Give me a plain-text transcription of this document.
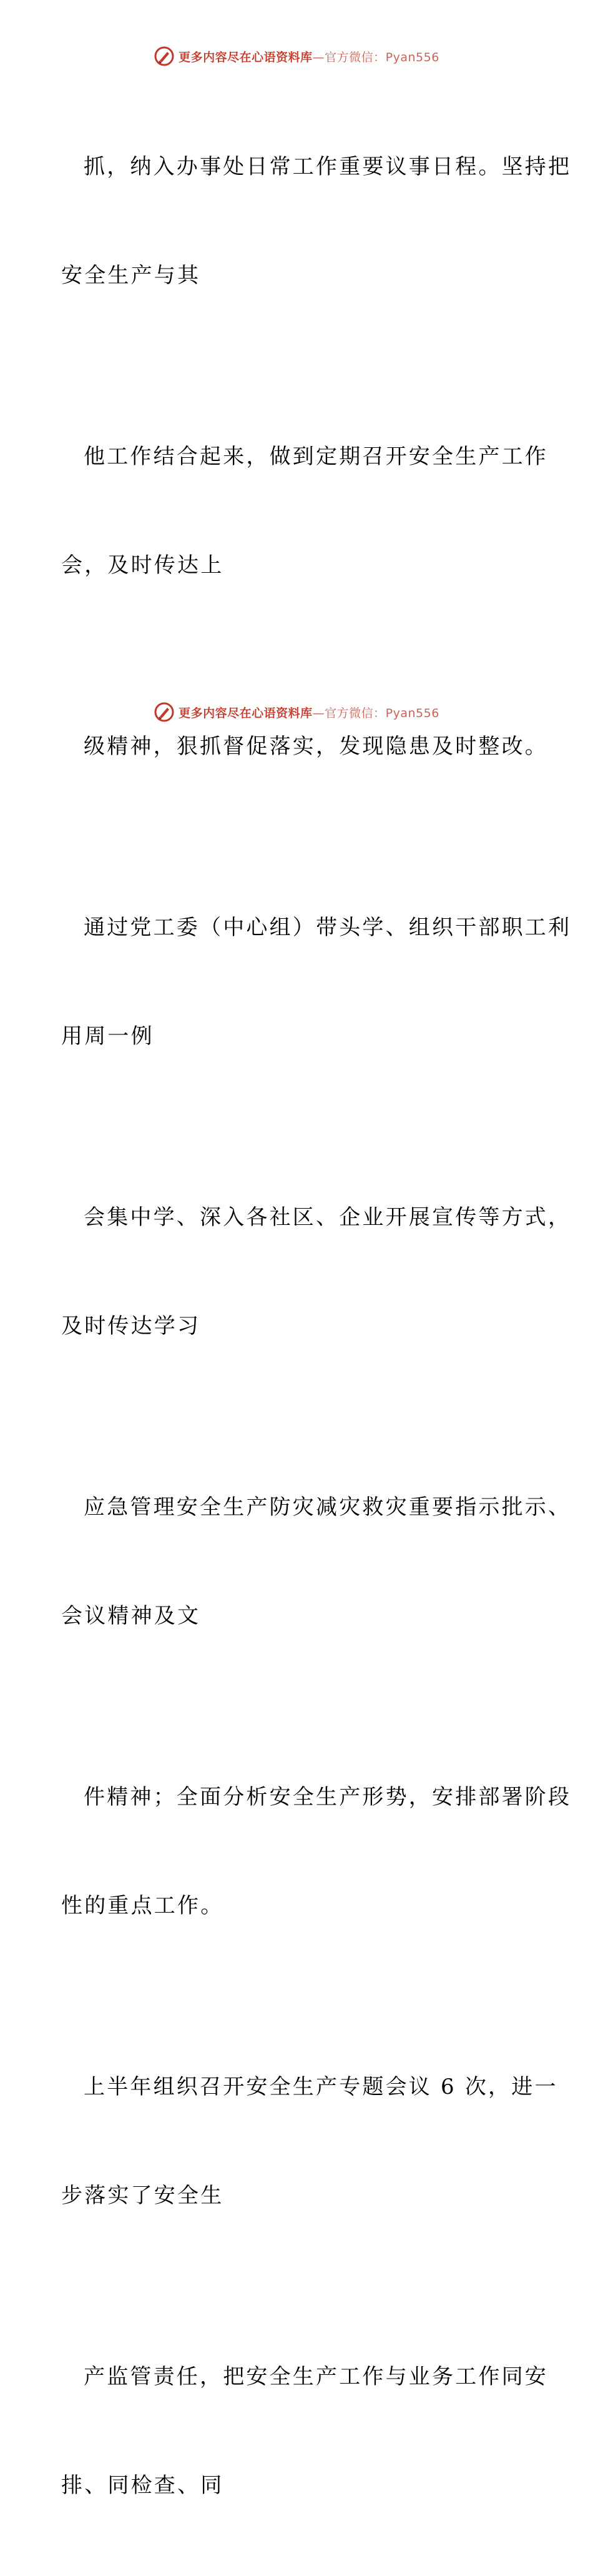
更多内容尽在心语资料库—官方微信：Pyan556

抓，纳入办事处日常工作重要议事日程。坚持把

安全生产与其

他工作结合起来，做到定期召开安全生产工作

会，及时传达上

级精神，狠抓督促落实，发现隐患及时整改。

通过党工委（中心组）带头学、组织干部职工利

用周一例

会集中学、深入各社区、企业开展宣传等方式，

及时传达学习

应急管理安全生产防灾减灾救灾重要指示批示、

会议精神及文

件精神；全面分析安全生产形势，安排部署阶段

性的重点工作。

上半年组织召开安全生产专题会议 6 次，进一

步落实了安全生

产监管责任，把安全生产工作与业务工作同安

排、同检查、同

更多内容尽在心语资料库—官方微信：Pyan556
